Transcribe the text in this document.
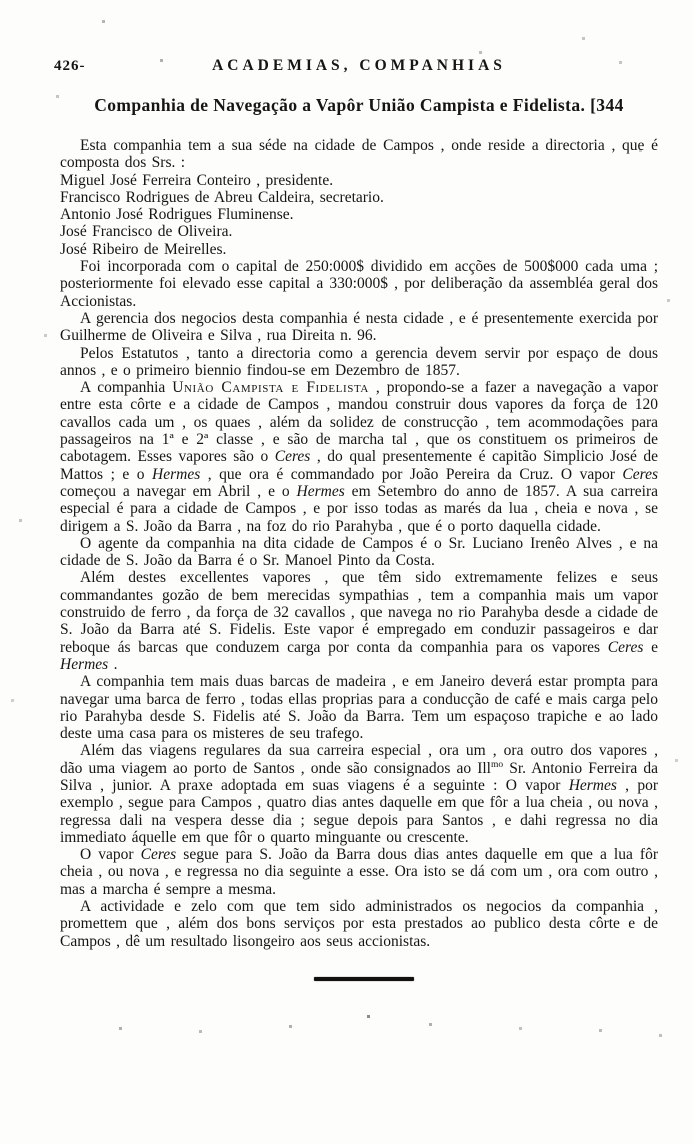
426-	ACADEMIAS, COMPANHIAS
Companhia de Navegação a Vapôr União Campista e Fidelista. [344

Esta companhia tem a sua séde na cidade de Campos , onde reside a directoria , que é composta dos Srs. :

Miguel José Ferreira Conteiro , presidente.

Francisco Rodrigues de Abreu Caldeira, secretario.

Antonio José Rodrigues Fluminense.

José Francisco de Oliveira.

José Ribeiro de Meirelles.

Foi incorporada com o capital de 250:000$ dividido em acções de 500$000 cada uma ; posteriormente foi elevado esse capital a 330:000$ , por deliberação da assembléa geral dos Accionistas.

A gerencia dos negocios desta companhia é nesta cidade , e é presentemente exercida por Guilherme de Oliveira e Silva , rua Direita n. 96.

Pelos Estatutos , tanto a directoria como a gerencia devem servir por espaço de dous annos , e o primeiro biennio findou-se em Dezembro de 1857.

A companhia União Campista e Fidelista , propondo-se a fazer a navegação a vapor entre esta côrte e a cidade de Campos , mandou construir dous vapores da força de 120 cavallos cada um , os quaes , além da solidez de construcção , tem acommodações para passageiros na 1ª e 2ª classe , e são de marcha tal , que os constituem os primeiros de cabotagem. Esses vapores são o Ceres , do qual presentemente é capitão Simplicio José de Mattos ; e o Hermes , que ora é commandado por João Pereira da Cruz. O vapor Ceres começou a navegar em Abril , e o Hermes em Setembro do anno de 1857. A sua carreira especial é para a cidade de Campos , e por isso todas as marés da lua , cheia e nova , se dirigem a S. João da Barra , na foz do rio Parahyba , que é o porto daquella cidade.

O agente da companhia na dita cidade de Campos é o Sr. Luciano Irenêo Alves , e na cidade de S. João da Barra é o Sr. Manoel Pinto da Costa.

Além destes excellentes vapores , que têm sido extremamente felizes e seus commandantes gozão de bem merecidas sympathias , tem a companhia mais um vapor construido de ferro , da força de 32 cavallos , que navega no rio Parahyba desde a cidade de S. João da Barra até S. Fidelis. Este vapor é empregado em conduzir passageiros e dar reboque ás barcas que conduzem carga por conta da companhia para os vapores Ceres e Hermes .

A companhia tem mais duas barcas de madeira , e em Janeiro deverá estar prompta para navegar uma barca de ferro , todas ellas proprias para a conducção de café e mais carga pelo rio Parahyba desde S. Fidelis até S. João da Barra. Tem um espaçoso trapiche e ao lado deste uma casa para os misteres de seu trafego.

Além das viagens regulares da sua carreira especial , ora um , ora outro dos vapores , dão uma viagem ao porto de Santos , onde são consignados ao Ill$^{mo}$ Sr. Antonio Ferreira da Silva , junior. A praxe adoptada em suas viagens é a seguinte : O vapor Hermes , por exemplo , segue para Campos , quatro dias antes daquelle em que fôr a lua cheia , ou nova , regressa dali na vespera desse dia ; segue depois para Santos , e dahi regressa no dia immediato áquelle em que fôr o quarto minguante ou crescente.

O vapor Ceres segue para S. João da Barra dous dias antes daquelle em que a lua fôr cheia , ou nova , e regressa no dia seguinte a esse. Ora isto se dá com um , ora com outro , mas a marcha é sempre a mesma.

A actividade e zelo com que tem sido administrados os negocios da companhia , promettem que , além dos bons serviços por esta prestados ao publico desta côrte e de Campos , dê um resultado lisongeiro aos seus accionistas.
